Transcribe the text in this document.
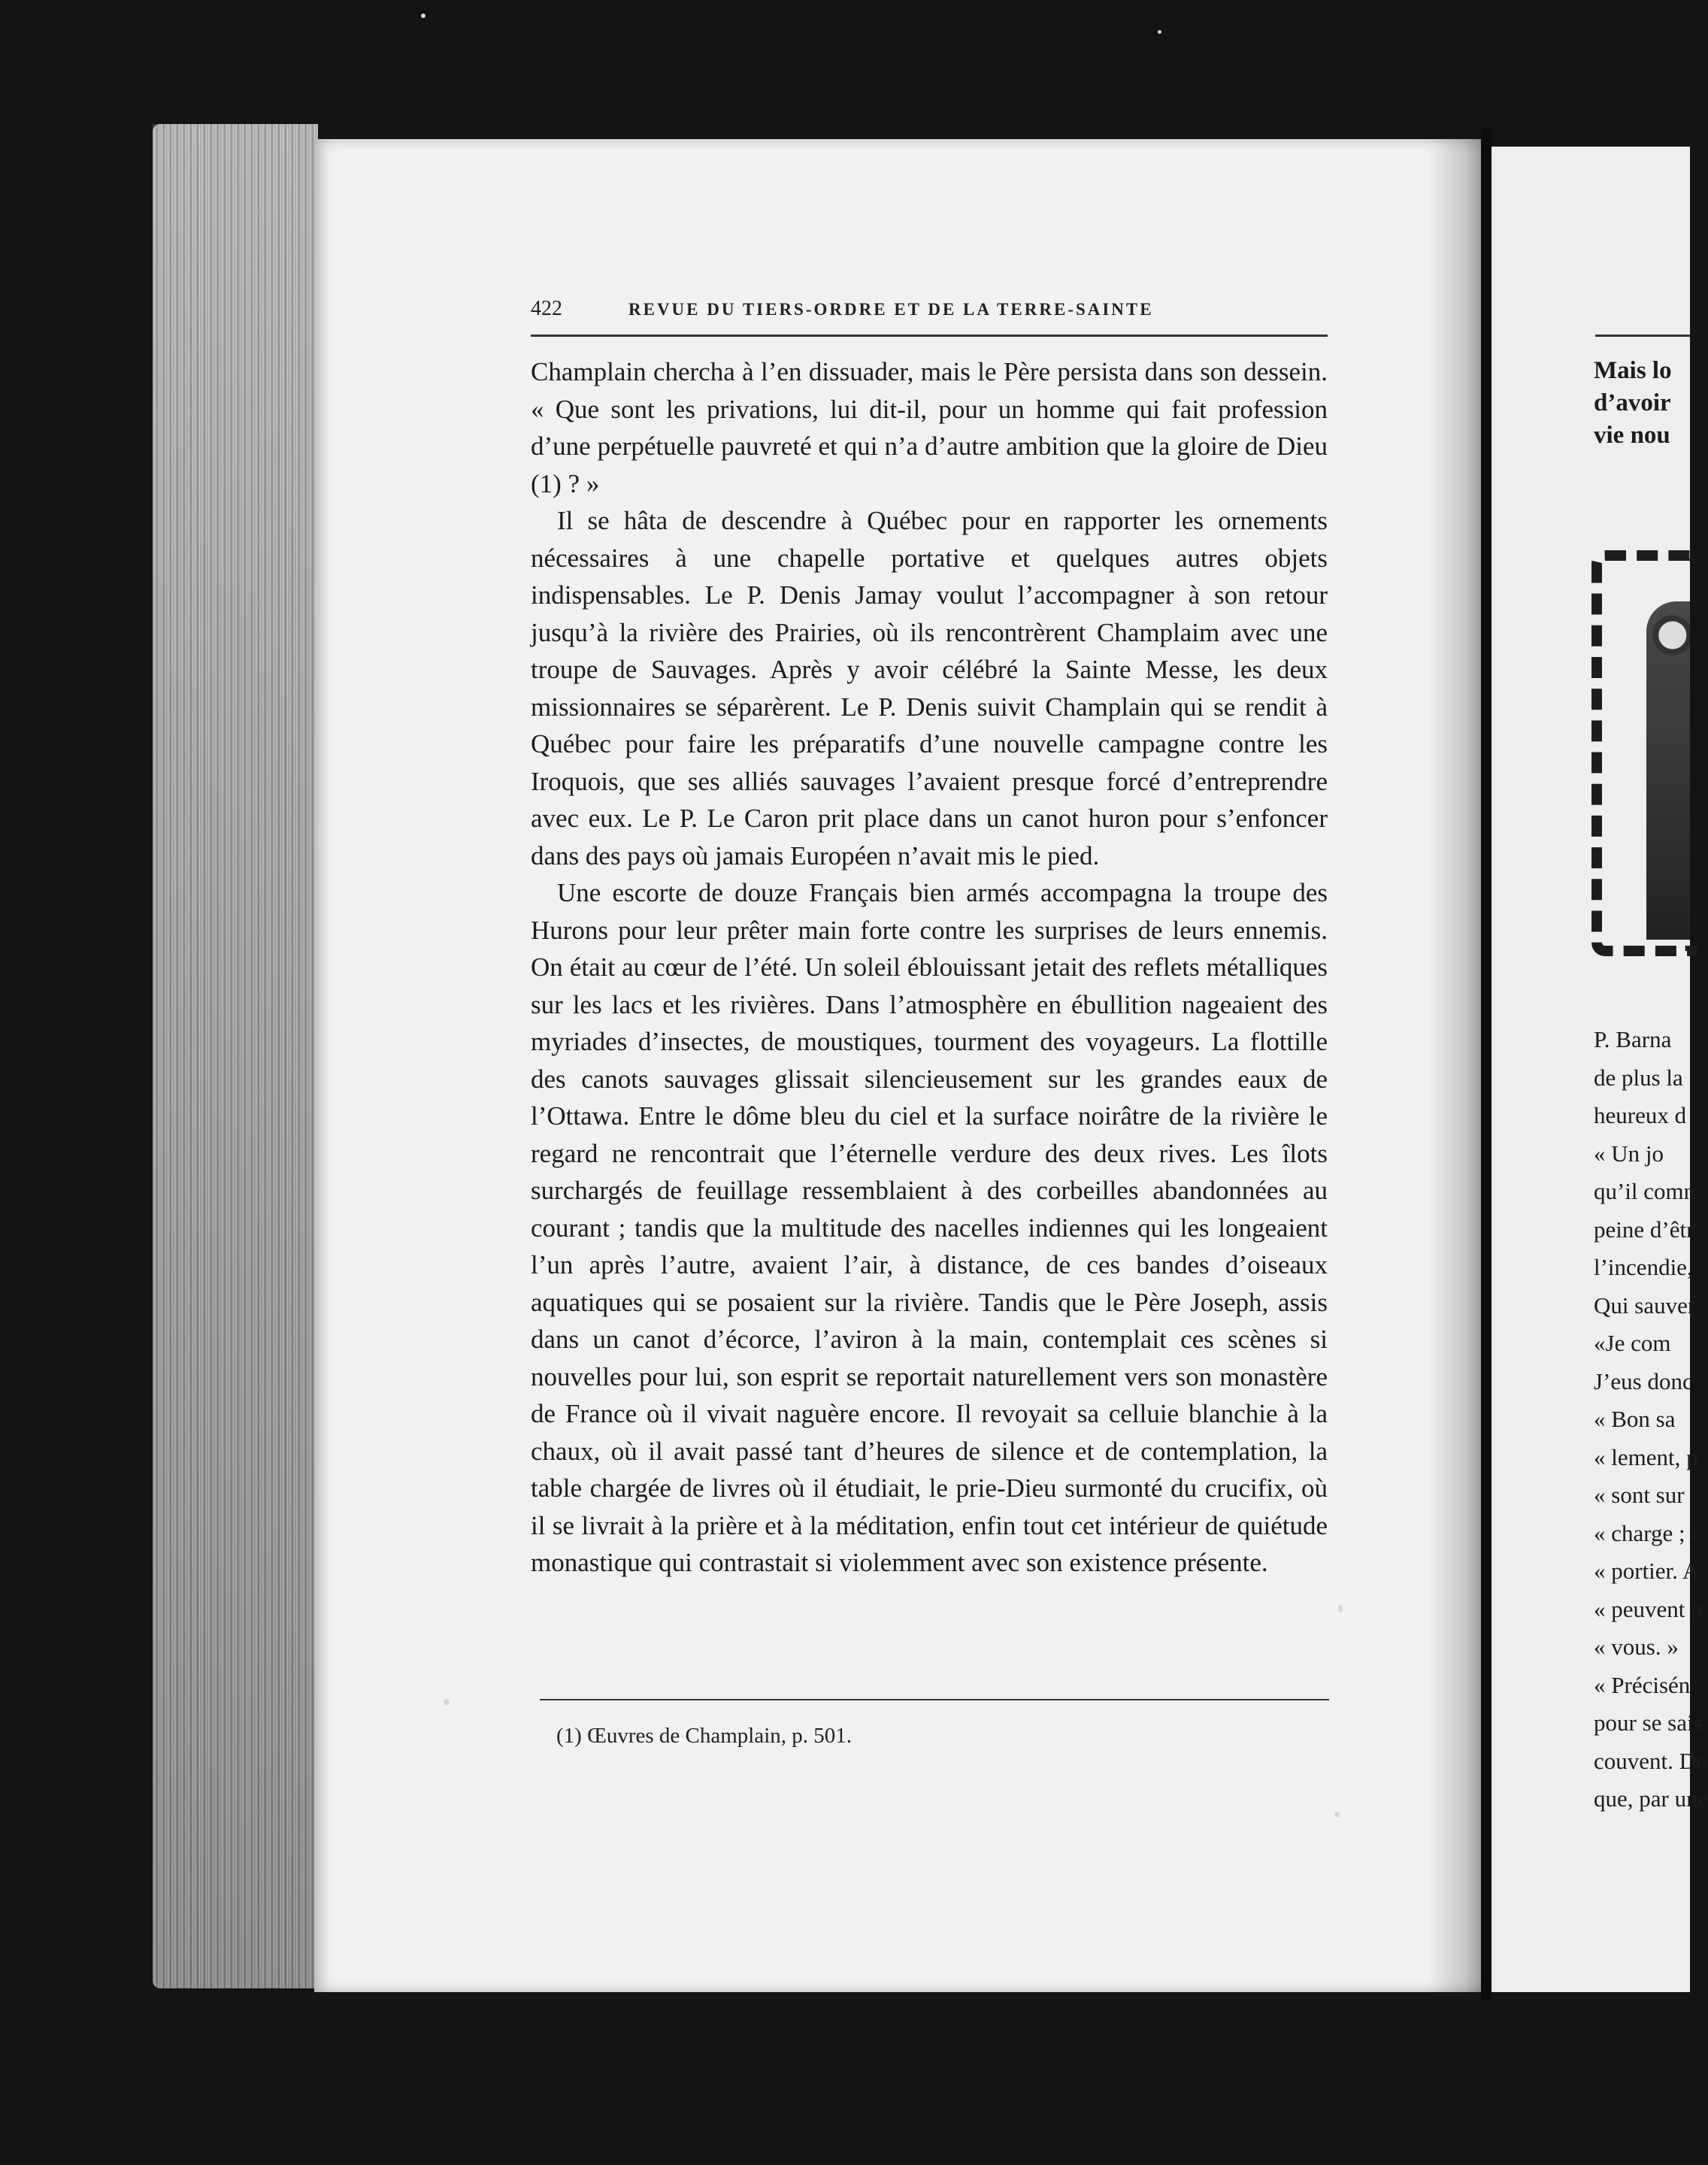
422	REVUE DU TIERS-ORDRE ET DE LA TERRE-SAINTE

Champlain chercha à l’en dissuader, mais le Père persista dans son dessein. « Que sont les privations, lui dit-il, pour un homme qui fait profession d’une perpétuelle pauvreté et qui n’a d’autre ambition que la gloire de Dieu (1) ? »

Il se hâta de descendre à Québec pour en rapporter les ornements nécessaires à une chapelle portative et quelques autres objets indispensables. Le P. Denis Jamay voulut l’accompagner à son retour jusqu’à la rivière des Prairies, où ils rencontrèrent Champlaim avec une troupe de Sauvages. Après y avoir célébré la Sainte Messe, les deux missionnaires se séparèrent. Le P. Denis suivit Champlain qui se rendit à Québec pour faire les préparatifs d’une nouvelle campagne contre les Iroquois, que ses alliés sauvages l’avaient presque forcé d’entreprendre avec eux. Le P. Le Caron prit place dans un canot huron pour s’enfoncer dans des pays où jamais Européen n’avait mis le pied.

Une escorte de douze Français bien armés accompagna la troupe des Hurons pour leur prêter main forte contre les surprises de leurs ennemis. On était au cœur de l’été. Un soleil éblouissant jetait des reflets métalliques sur les lacs et les rivières. Dans l’atmosphère en ébullition nageaient des myriades d’insectes, de moustiques, tourment des voyageurs. La flottille des canots sauvages glissait silencieusement sur les grandes eaux de l’Ottawa. Entre le dôme bleu du ciel et la surface noirâtre de la rivière le regard ne rencontrait que l’éternelle verdure des deux rives. Les îlots surchargés de feuillage ressemblaient à des corbeilles abandonnées au courant ; tandis que la multitude des nacelles indiennes qui les longeaient l’un après l’autre, avaient l’air, à distance, de ces bandes d’oiseaux aquatiques qui se posaient sur la rivière. Tandis que le Père Joseph, assis dans un canot d’écorce, l’aviron à la main, contemplait ces scènes si nouvelles pour lui, son esprit se reportait naturellement vers son monastère de France où il vivait naguère encore. Il revoyait sa celluie blanchie à la chaux, où il avait passé tant d’heures de silence et de contemplation, la table chargée de livres où il étudiait, le prie-Dieu surmonté du crucifix, où il se livrait à la prière et à la méditation, enfin tout cet intérieur de quiétude monastique qui contrastait si violemment avec son existence présente.

(1) Œuvres de Champlain, p. 501.
Mais lo
d’avoir
vie nou
P. Barna
de plus la
heureux d
« Un jo
qu’il comn
peine d’êtr
l’incendie,
Qui sauver
«Je com
J’eus donc
« Bon sa
« lement, p
« sont sur
« charge ; c
« portier. A
« peuvent p
« vous. »
« Précisén
pour se sais
couvent. De
que, par une
